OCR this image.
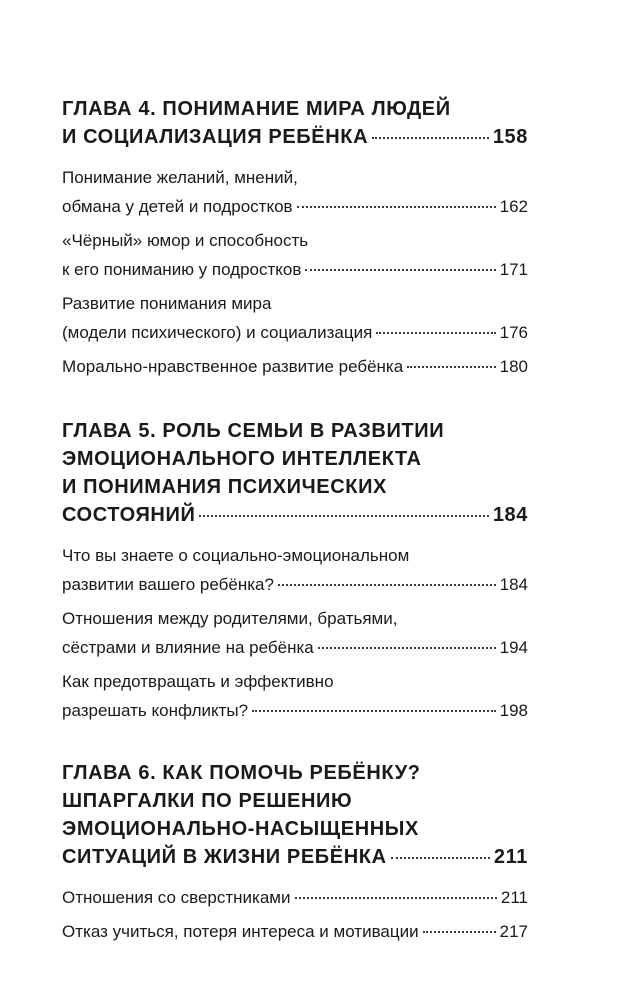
ГЛАВА 4. ПОНИМАНИЕ МИРА ЛЮДЕЙ
И СОЦИАЛИЗАЦИЯ РЕБЁНКА	158
Понимание желаний, мнений,
обмана у детей и подростков	162
«Чёрный» юмор и способность
к его пониманию у подростков	171
Развитие понимания мира
(модели психического) и социализация	176
Морально-нравственное развитие ребёнка	180
ГЛАВА 5. РОЛЬ СЕМЬИ В РАЗВИТИИ
ЭМОЦИОНАЛЬНОГО ИНТЕЛЛЕКТА
И ПОНИМАНИЯ ПСИХИЧЕСКИХ
СОСТОЯНИЙ	184
Что вы знаете о социально-эмоциональном
развитии вашего ребёнка?	184
Отношения между родителями, братьями,
сёстрами и влияние на ребёнка	194
Как предотвращать и эффективно
разрешать конфликты?	198
ГЛАВА 6. КАК ПОМОЧЬ РЕБЁНКУ?
ШПАРГАЛКИ ПО РЕШЕНИЮ
ЭМОЦИОНАЛЬНО-НАСЫЩЕННЫХ
СИТУАЦИЙ В ЖИЗНИ РЕБЁНКА	211
Отношения со сверстниками	211
Отказ учиться, потеря интереса и мотивации	217
